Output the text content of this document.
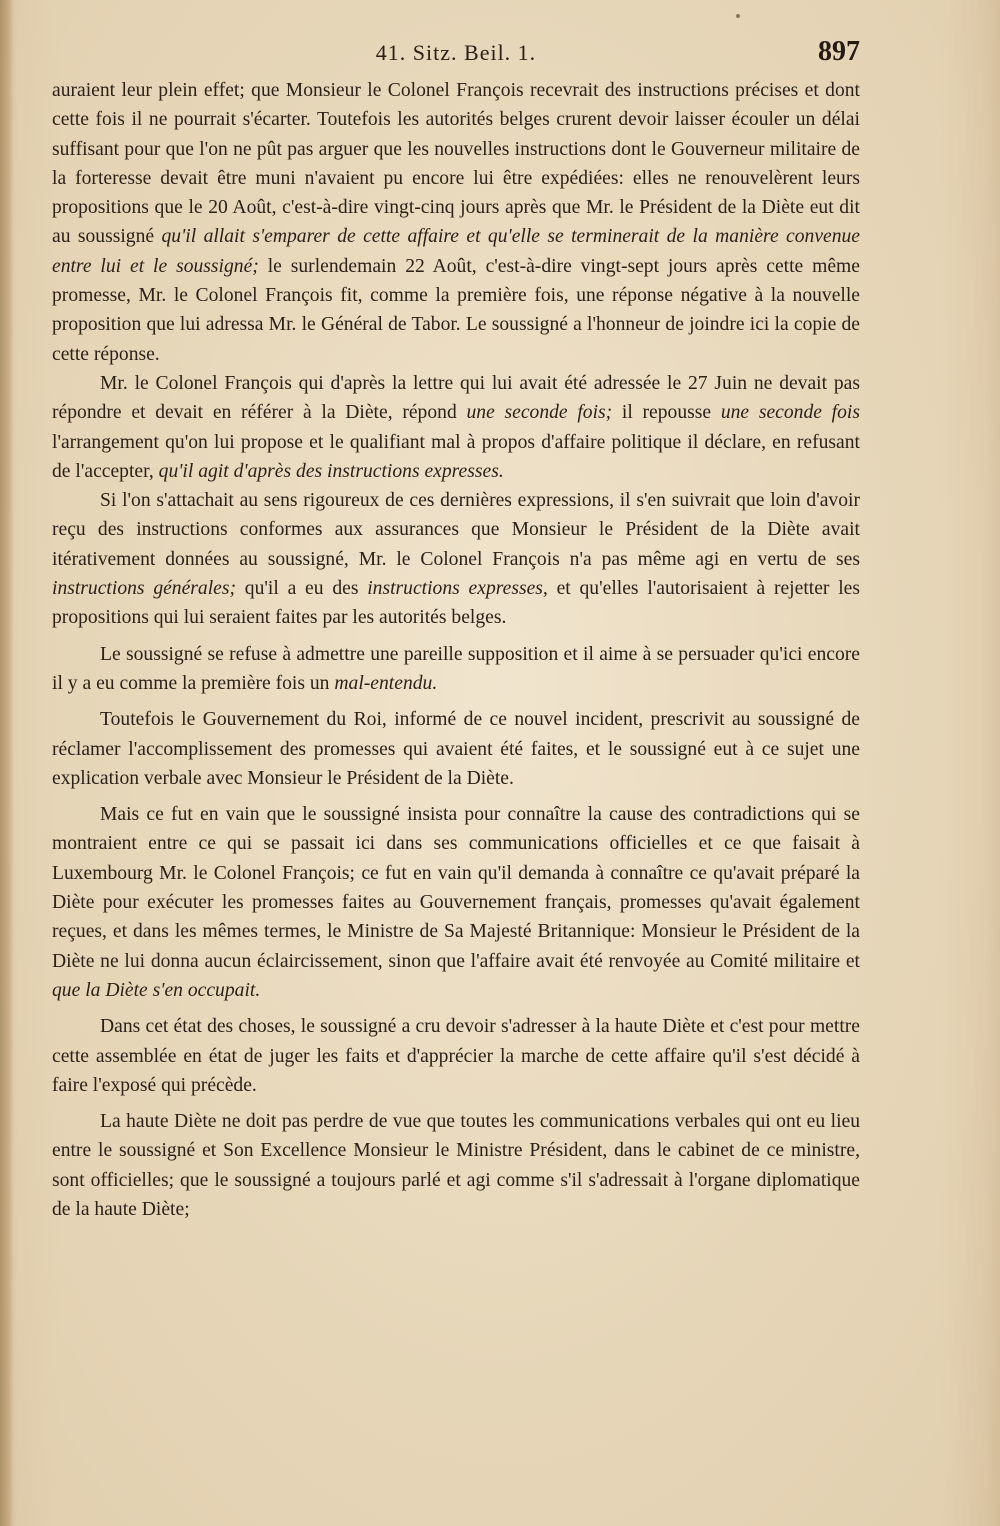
41. Sitz. Beil. 1.	897

auraient leur plein effet; que Monsieur le Colonel François recevrait des instructions précises et dont cette fois il ne pourrait s'écarter. Toutefois les autorités belges crurent devoir laisser écouler un délai suffisant pour que l'on ne pût pas arguer que les nouvelles instructions dont le Gouverneur militaire de la forteresse devait être muni n'avaient pu encore lui être expédiées: elles ne renouvelèrent leurs propositions que le 20 Août, c'est-à-dire vingt-cinq jours après que Mr. le Président de la Diète eut dit au soussigné qu'il allait s'emparer de cette affaire et qu'elle se terminerait de la manière convenue entre lui et le soussigné; le surlendemain 22 Août, c'est-à-dire vingt-sept jours après cette même promesse, Mr. le Colonel François fit, comme la première fois, une réponse négative à la nouvelle proposition que lui adressa Mr. le Général de Tabor. Le soussigné a l'honneur de joindre ici la copie de cette réponse.

Mr. le Colonel François qui d'après la lettre qui lui avait été adressée le 27 Juin ne devait pas répondre et devait en référer à la Diète, répond une seconde fois; il repousse une seconde fois l'arrangement qu'on lui propose et le qualifiant mal à propos d'affaire politique il déclare, en refusant de l'accepter, qu'il agit d'après des instructions expresses.

Si l'on s'attachait au sens rigoureux de ces dernières expressions, il s'en suivrait que loin d'avoir reçu des instructions conformes aux assurances que Monsieur le Président de la Diète avait itérativement données au soussigné, Mr. le Colonel François n'a pas même agi en vertu de ses instructions générales; qu'il a eu des instructions expresses, et qu'elles l'autorisaient à rejetter les propositions qui lui seraient faites par les autorités belges.

Le soussigné se refuse à admettre une pareille supposition et il aime à se persuader qu'ici encore il y a eu comme la première fois un mal-entendu.

Toutefois le Gouvernement du Roi, informé de ce nouvel incident, prescrivit au soussigné de réclamer l'accomplissement des promesses qui avaient été faites, et le soussigné eut à ce sujet une explication verbale avec Monsieur le Président de la Diète.

Mais ce fut en vain que le soussigné insista pour connaître la cause des contradictions qui se montraient entre ce qui se passait ici dans ses communications officielles et ce que faisait à Luxembourg Mr. le Colonel François; ce fut en vain qu'il demanda à connaître ce qu'avait préparé la Diète pour exécuter les promesses faites au Gouvernement français, promesses qu'avait également reçues, et dans les mêmes termes, le Ministre de Sa Majesté Britannique: Monsieur le Président de la Diète ne lui donna aucun éclaircissement, sinon que l'affaire avait été renvoyée au Comité militaire et que la Diète s'en occupait.

Dans cet état des choses, le soussigné a cru devoir s'adresser à la haute Diète et c'est pour mettre cette assemblée en état de juger les faits et d'apprécier la marche de cette affaire qu'il s'est décidé à faire l'exposé qui précède.

La haute Diète ne doit pas perdre de vue que toutes les communications verbales qui ont eu lieu entre le soussigné et Son Excellence Monsieur le Ministre Président, dans le cabinet de ce ministre, sont officielles; que le soussigné a toujours parlé et agi comme s'il s'adressait à l'organe diplomatique de la haute Diète;
